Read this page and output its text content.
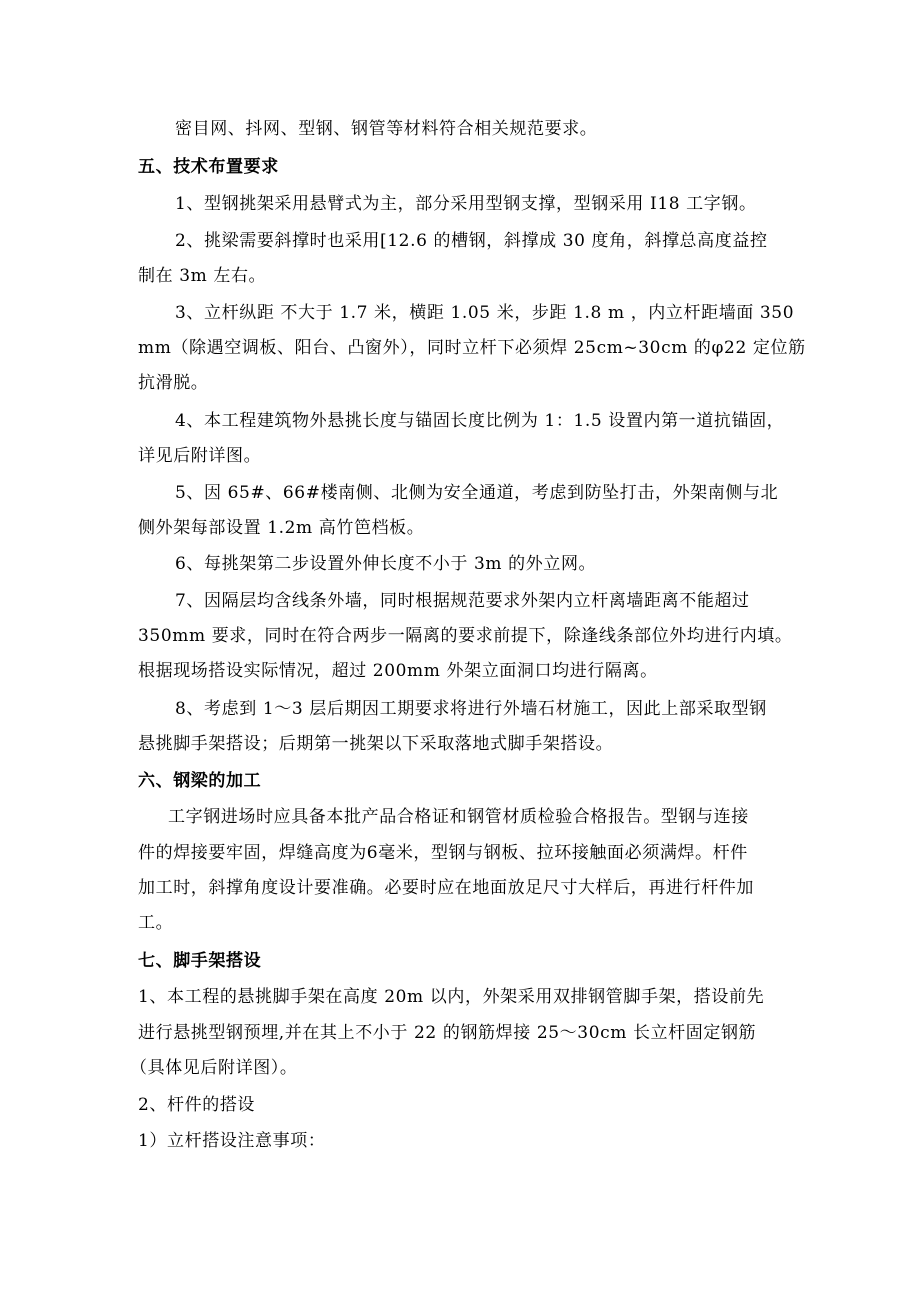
密目网、抖网、型钢、钢管等材料符合相关规范要求。
五、技术布置要求
1、型钢挑架采用悬臂式为主，部分采用型钢支撑，型钢采用 I18 工字钢。
2、挑梁需要斜撑时也采用[12.6 的槽钢，斜撑成 30 度角，斜撑总高度益控
制在 3m 左右。
3、立杆纵距 不大于 1.7 米，横距 1.05 米，步距 1.8 m ，内立杆距墙面 350
mm（除遇空调板、阳台、凸窗外），同时立杆下必须焊 25cm~30cm 的φ22 定位筋
抗滑脱。
4、本工程建筑物外悬挑长度与锚固长度比例为 1：1.5 设置内第一道抗锚固，
详见后附详图。
5、因 65#、66#楼南侧、北侧为安全通道，考虑到防坠打击，外架南侧与北
侧外架每部设置 1.2m 高竹笆档板。
6、每挑架第二步设置外伸长度不小于 3m 的外立网。
7、因隔层均含线条外墙，同时根据规范要求外架内立杆离墙距离不能超过
350mm 要求，同时在符合两步一隔离的要求前提下，除逢线条部位外均进行内填。
根据现场搭设实际情况，超过 200mm 外架立面洞口均进行隔离。
8、考虑到 1～3 层后期因工期要求将进行外墙石材施工，因此上部采取型钢
悬挑脚手架搭设；后期第一挑架以下采取落地式脚手架搭设。
六、钢梁的加工
工字钢进场时应具备本批产品合格证和钢管材质检验合格报告。型钢与连接
件的焊接要牢固，焊缝高度为6毫米，型钢与钢板、拉环接触面必须满焊。杆件
加工时，斜撑角度设计要准确。必要时应在地面放足尺寸大样后，再进行杆件加
工。
七、脚手架搭设
1、本工程的悬挑脚手架在高度 20m 以内，外架采用双排钢管脚手架，搭设前先
进行悬挑型钢预埋,并在其上不小于 22 的钢筋焊接 25～30cm 长立杆固定钢筋
（具体见后附详图）。
2、杆件的搭设
1）立杆搭设注意事项：
